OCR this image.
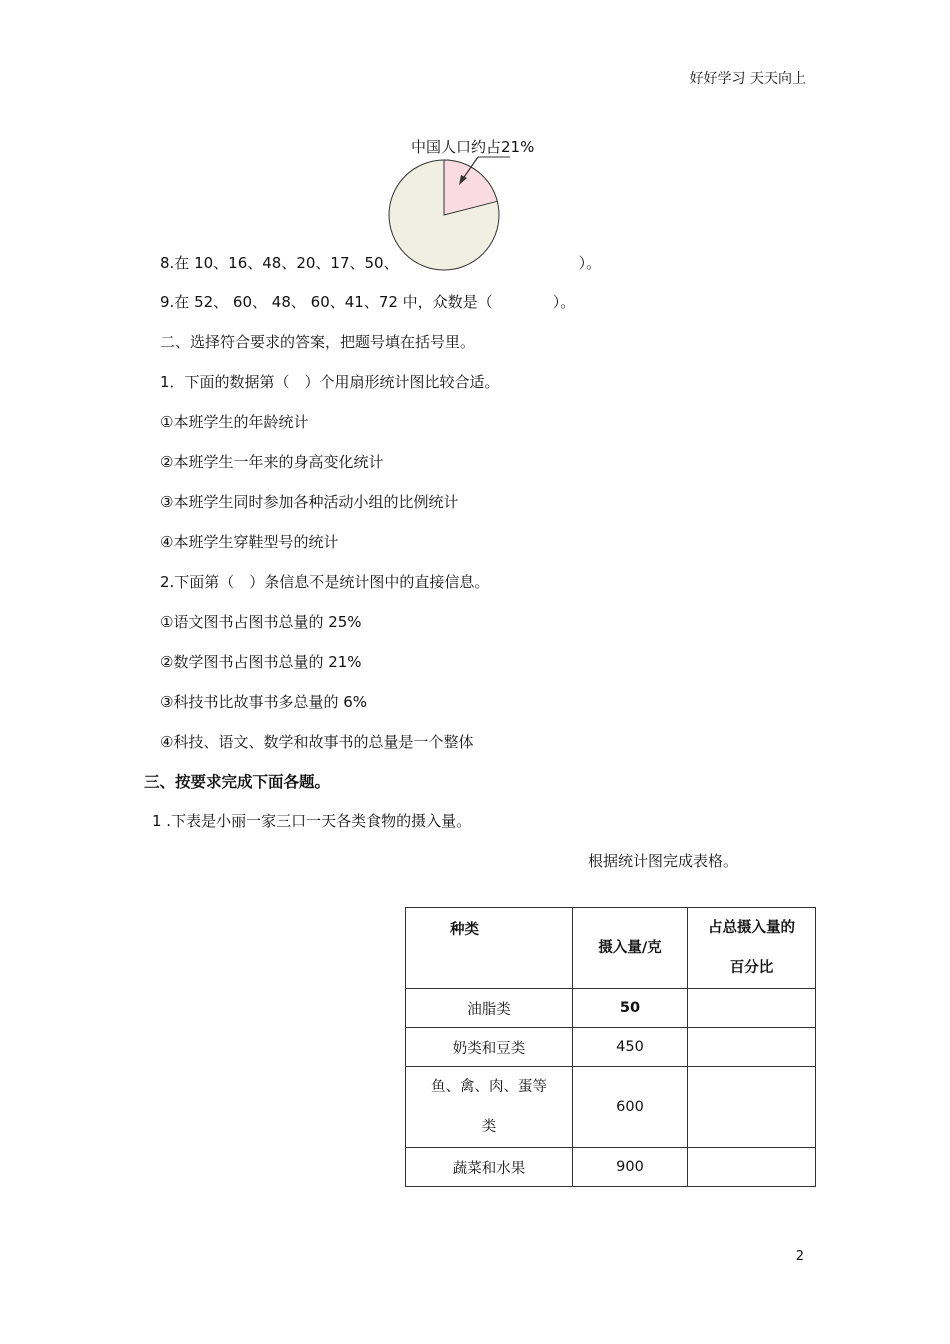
好好学习 天天向上
中国人口约占21%
8.在 10、16、48、20、17、50、	）。
9.在 52、 60、 48、 60、41、72 中，众数是（	）。
二、选择符合要求的答案，把题号填在括号里。
1．下面的数据第（　）个用扇形统计图比较合适。
①本班学生的年龄统计
②本班学生一年来的身高变化统计
③本班学生同时参加各种活动小组的比例统计
④本班学生穿鞋型号的统计
2.下面第（　）条信息不是统计图中的直接信息。
①语文图书占图书总量的 25%
②数学图书占图书总量的 21%
③科技书比故事书多总量的 6%
④科技、语文、数学和故事书的总量是一个整体
三、按要求完成下面各题。
1 .下表是小丽一家三口一天各类食物的摄入量。
根据统计图完成表格。
种类	摄入量/克	占总摄入量的
百分比
油脂类	50	
奶类和豆类	450	
鱼、禽、肉、蛋等
类	600	
蔬菜和水果	900	
2
